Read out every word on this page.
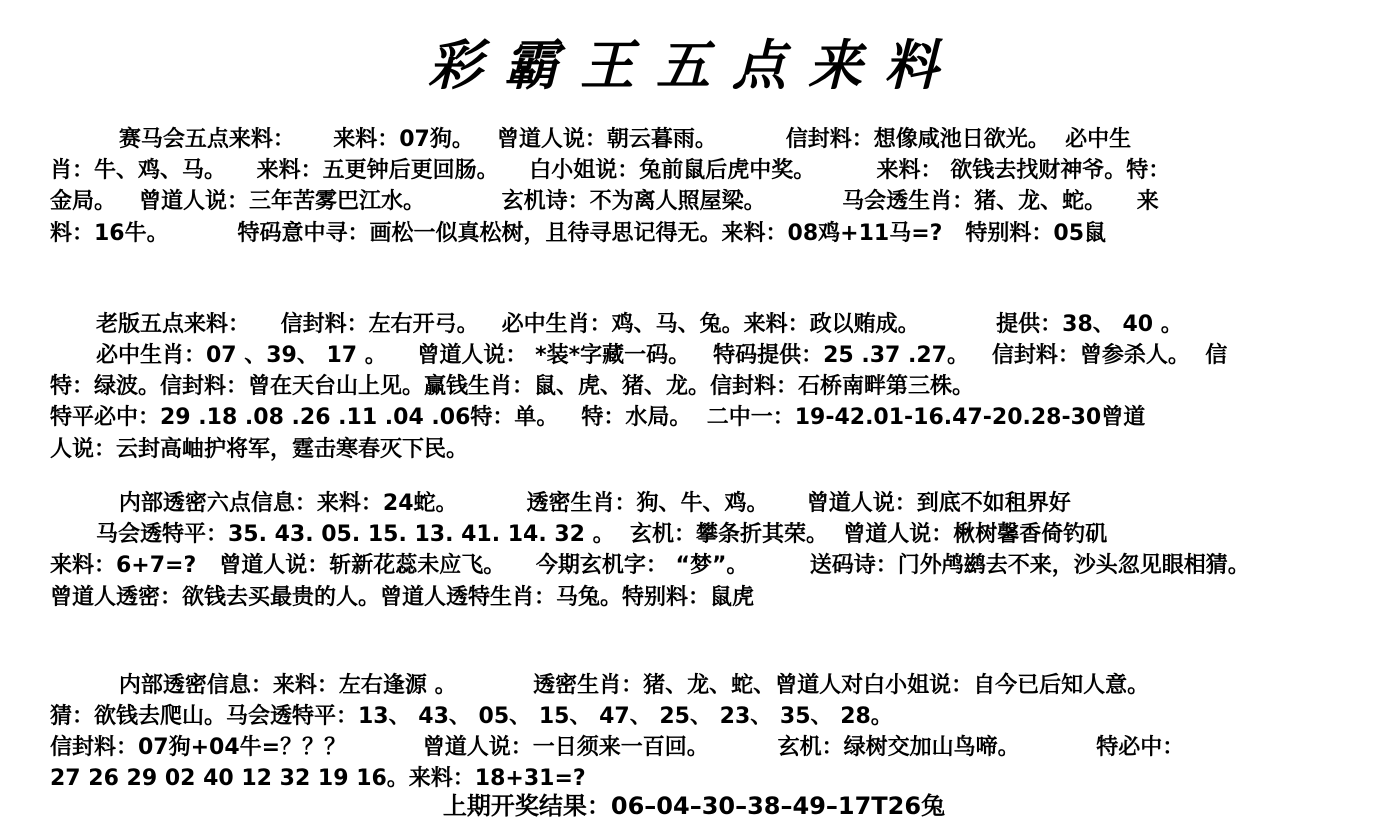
彩霸王五点来料
赛马会五点来料：     来料：07狗。   曾道人说：朝云暮雨。         信封料：想像咸池日欲光。  必中生
肖：牛、鸡、马。    来料：五更钟后更回肠。    白小姐说：兔前鼠后虎中奖。        来料： 欲钱去找财神爷。特：
金局。   曾道人说：三年苦雾巴江水。          玄机诗：不为离人照屋梁。          马会透生肖：猪、龙、蛇。    来
料：16牛。         特码意中寻：画松一似真松树，且待寻思记得无。来料：08鸡+11马=?   特别料：05鼠
老版五点来料：    信封料：左右开弓。   必中生肖：鸡、马、兔。来料：政以贿成。          提供：38、 40 。
必中生肖：07 、39、 17 。    曾道人说： *装*字藏一码。   特码提供：25 .37 .27。   信封料：曾参杀人。  信
特：绿波。信封料：曾在天台山上见。赢钱生肖：鼠、虎、猪、龙。信封料：石桥南畔第三株。
特平必中：29 .18 .08 .26 .11 .04 .06特：单。   特：水局。  二中一：19-42.01-16.47-20.28-30曾道
人说：云封高岫护将军，霆击寒春灭下民。
内部透密六点信息：来料：24蛇。         透密生肖：狗、牛、鸡。     曾道人说：到底不如租界好
马会透特平：35. 43. 05. 15. 13. 41. 14. 32 。  玄机：攀条折其荣。  曾道人说：楸树馨香倚钓矶
来料：6+7=?   曾道人说：斩新花蕊未应飞。    今期玄机字： “梦”。        送码诗：门外鸬鹚去不来，沙头忽见眼相猜。
曾道人透密：欲钱去买最贵的人。曾道人透特生肖：马兔。特别料：鼠虎
内部透密信息：来料：左右逢源 。          透密生肖：猪、龙、蛇、曾道人对白小姐说：自今已后知人意。
猜：欲钱去爬山。马会透特平：13、 43、 05、 15、 47、 25、 23、 35、 28。
信封料：07狗+04牛=？？？          曾道人说：一日须来一百回。         玄机：绿树交加山鸟啼。          特必中：
27 26 29 02 40 12 32 19 16。来料：18+31=?
上期开奖结果：06–04–30–38–49–17T26兔
